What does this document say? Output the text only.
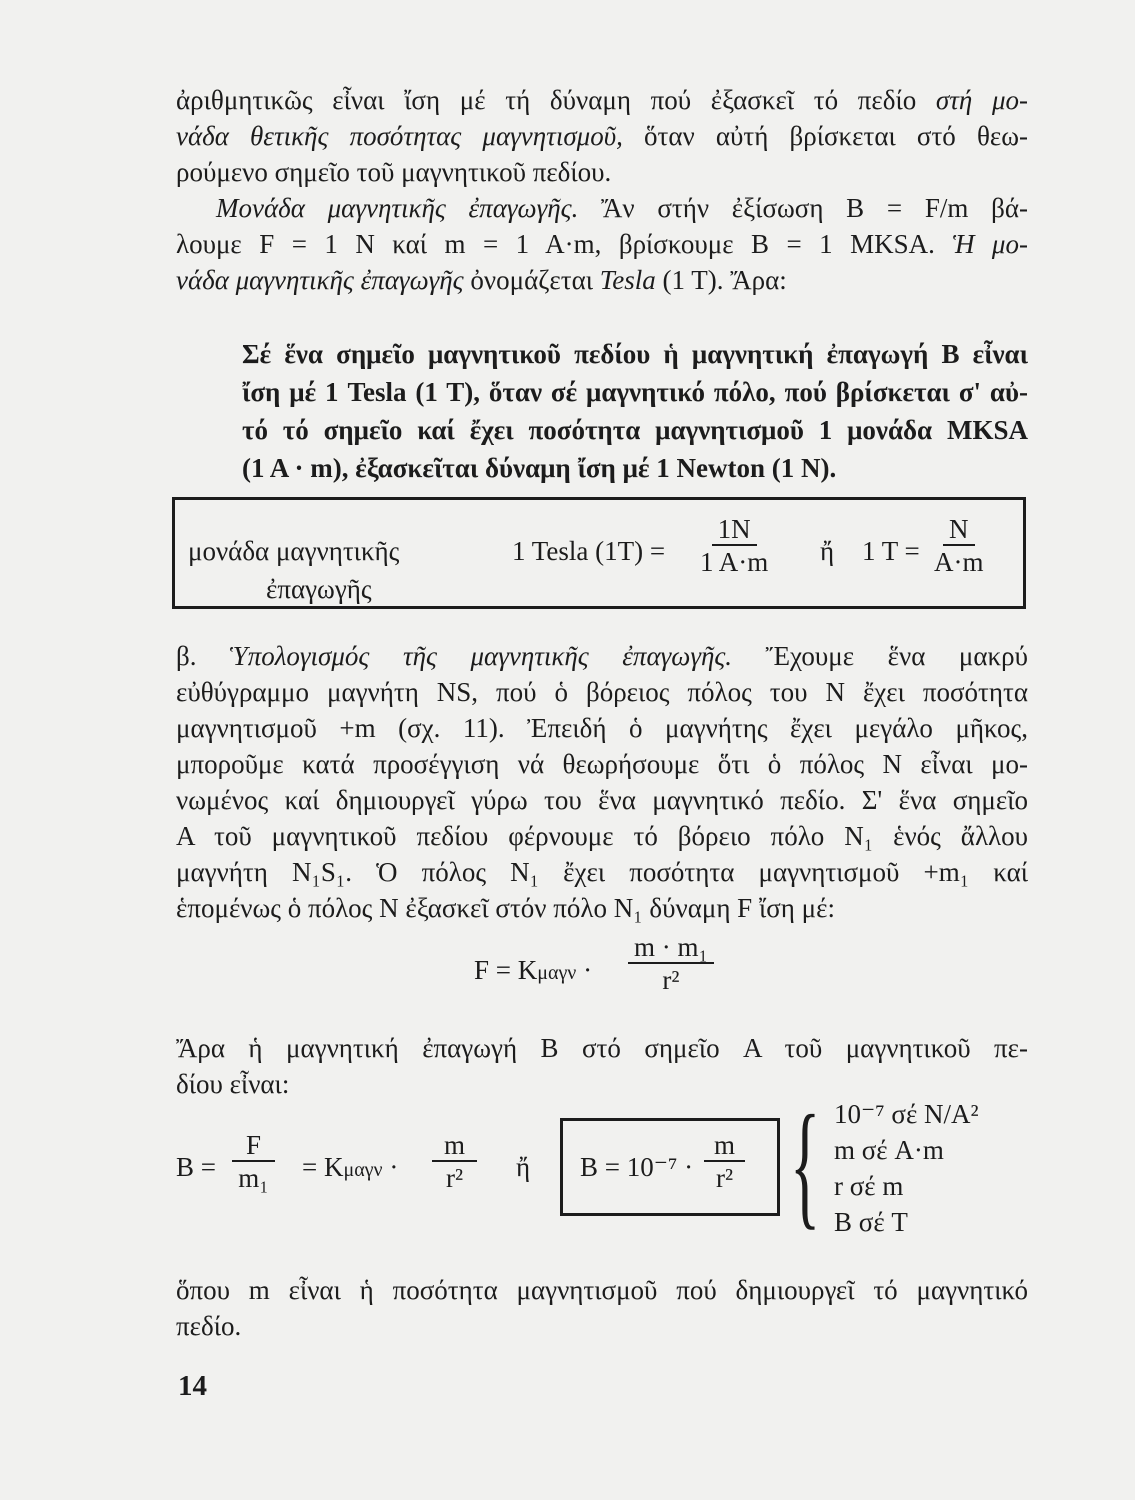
ἀριθμητικῶς εἶναι ἴση μέ τή δύναμη πού ἐξασκεῖ τό πεδίο στή μο-
νάδα θετικῆς ποσότητας μαγνητισμοῦ, ὅταν αὐτή βρίσκεται στό θεω-
ρούμενο σημεῖο τοῦ μαγνητικοῦ πεδίου.
Μονάδα μαγνητικῆς ἐπαγωγῆς. Ἄν στήν ἐξίσωση B = F/m βά-
λουμε F = 1 N καί m = 1 A·m, βρίσκουμε B = 1 MKSA. Ἡ μο-
νάδα μαγνητικῆς ἐπαγωγῆς ὀνομάζεται Tesla (1 T). Ἄρα:
Σέ ἕνα σημεῖο μαγνητικοῦ πεδίου ἡ μαγνητική ἐπαγωγή B εἶναι
ἴση μέ 1 Tesla (1 T), ὅταν σέ μαγνητικό πόλο, πού βρίσκεται σ' αὐ-
τό τό σημεῖο καί ἔχει ποσότητα μαγνητισμοῦ 1 μονάδα MKSA
(1 A · m), ἐξασκεῖται δύναμη ἴση μέ 1 Newton (1 N).
μονάδα μαγνητικῆς
ἐπαγωγῆς
1 Tesla $(1T) = \frac{1N}{1 A\cdot m}$ ἤ 1 $T = \frac{N}{A\cdot m}$
β. Ὑπολογισμός τῆς μαγνητικῆς ἐπαγωγῆς. Ἔχουμε ἕνα μακρύ
εὐθύγραμμο μαγνήτη NS, πού ὁ βόρειος πόλος του N ἔχει ποσότητα
μαγνητισμοῦ +m (σχ. 11). Ἐπειδή ὁ μαγνήτης ἔχει μεγάλο μῆκος,
μποροῦμε κατά προσέγγιση νά θεωρήσουμε ὅτι ὁ πόλος N εἶναι μο-
νωμένος καί δημιουργεῖ γύρω του ἕνα μαγνητικό πεδίο. Σ' ἕνα σημεῖο
A τοῦ μαγνητικοῦ πεδίου φέρνουμε τό βόρειο πόλο N₁ ἑνός ἄλλου
μαγνήτη N₁S₁. Ὁ πόλος N₁ ἔχει ποσότητα μαγνητισμοῦ +m₁ καί
ἑπομένως ὁ πόλος N ἐξασκεῖ στόν πόλο N₁ δύναμη F ἴση μέ:
$F = K\mu\alpha\gamma\nu \cdot \frac{\text{m · m₁}}{\text{r²}}$
Ἄρα ἡ μαγνητική ἐπαγωγή B στό σημεῖο A τοῦ μαγνητικοῦ πε-
δίου εἶναι:
$B = \frac{F}{\text{m₁}} = K\mu\alpha\gamma\nu \cdot \frac{m}{\text{r²}}$ ἤ $B = 10^{-7} \cdot \frac{m}{\text{r²}}$ { 10⁻⁷ σέ N/A²
m σέ A·m
r σέ m
B σέ T
ὅπου m εἶναι ἡ ποσότητα μαγνητισμοῦ πού δημιουργεῖ τό μαγνητικό
πεδίο.
14
